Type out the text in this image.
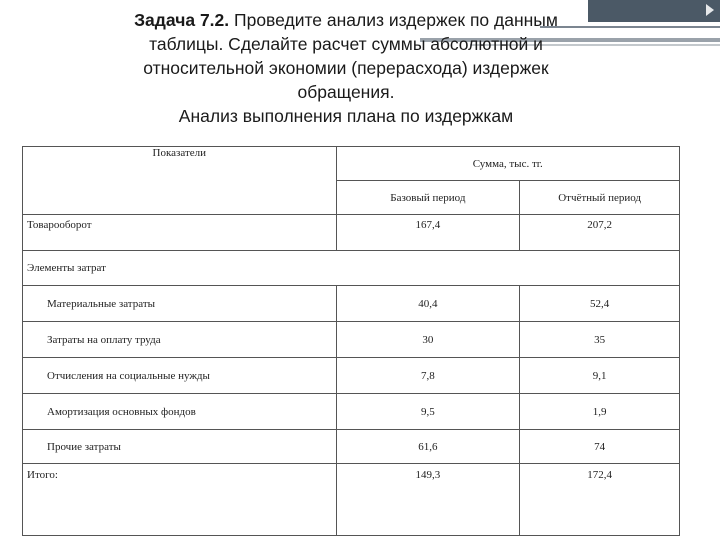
Задача 7.2. Проведите анализ издержек по данным
таблицы. Сделайте расчет суммы абсолютной и
относительной экономии (перерасхода) издержек
обращения.
Анализ выполнения плана по издержкам
Показатели	Сумма, тыс. тг.	
	Базовый период	Отчётный период
Товарооборот	167,4	207,2
Элементы затрат		
Материальные затраты	40,4	52,4
Затраты на оплату труда	30	35
Отчисления на социальные нужды	7,8	9,1
Амортизация основных фондов	9,5	1,9
Прочие затраты	61,6	74
Итого:	149,3	172,4
